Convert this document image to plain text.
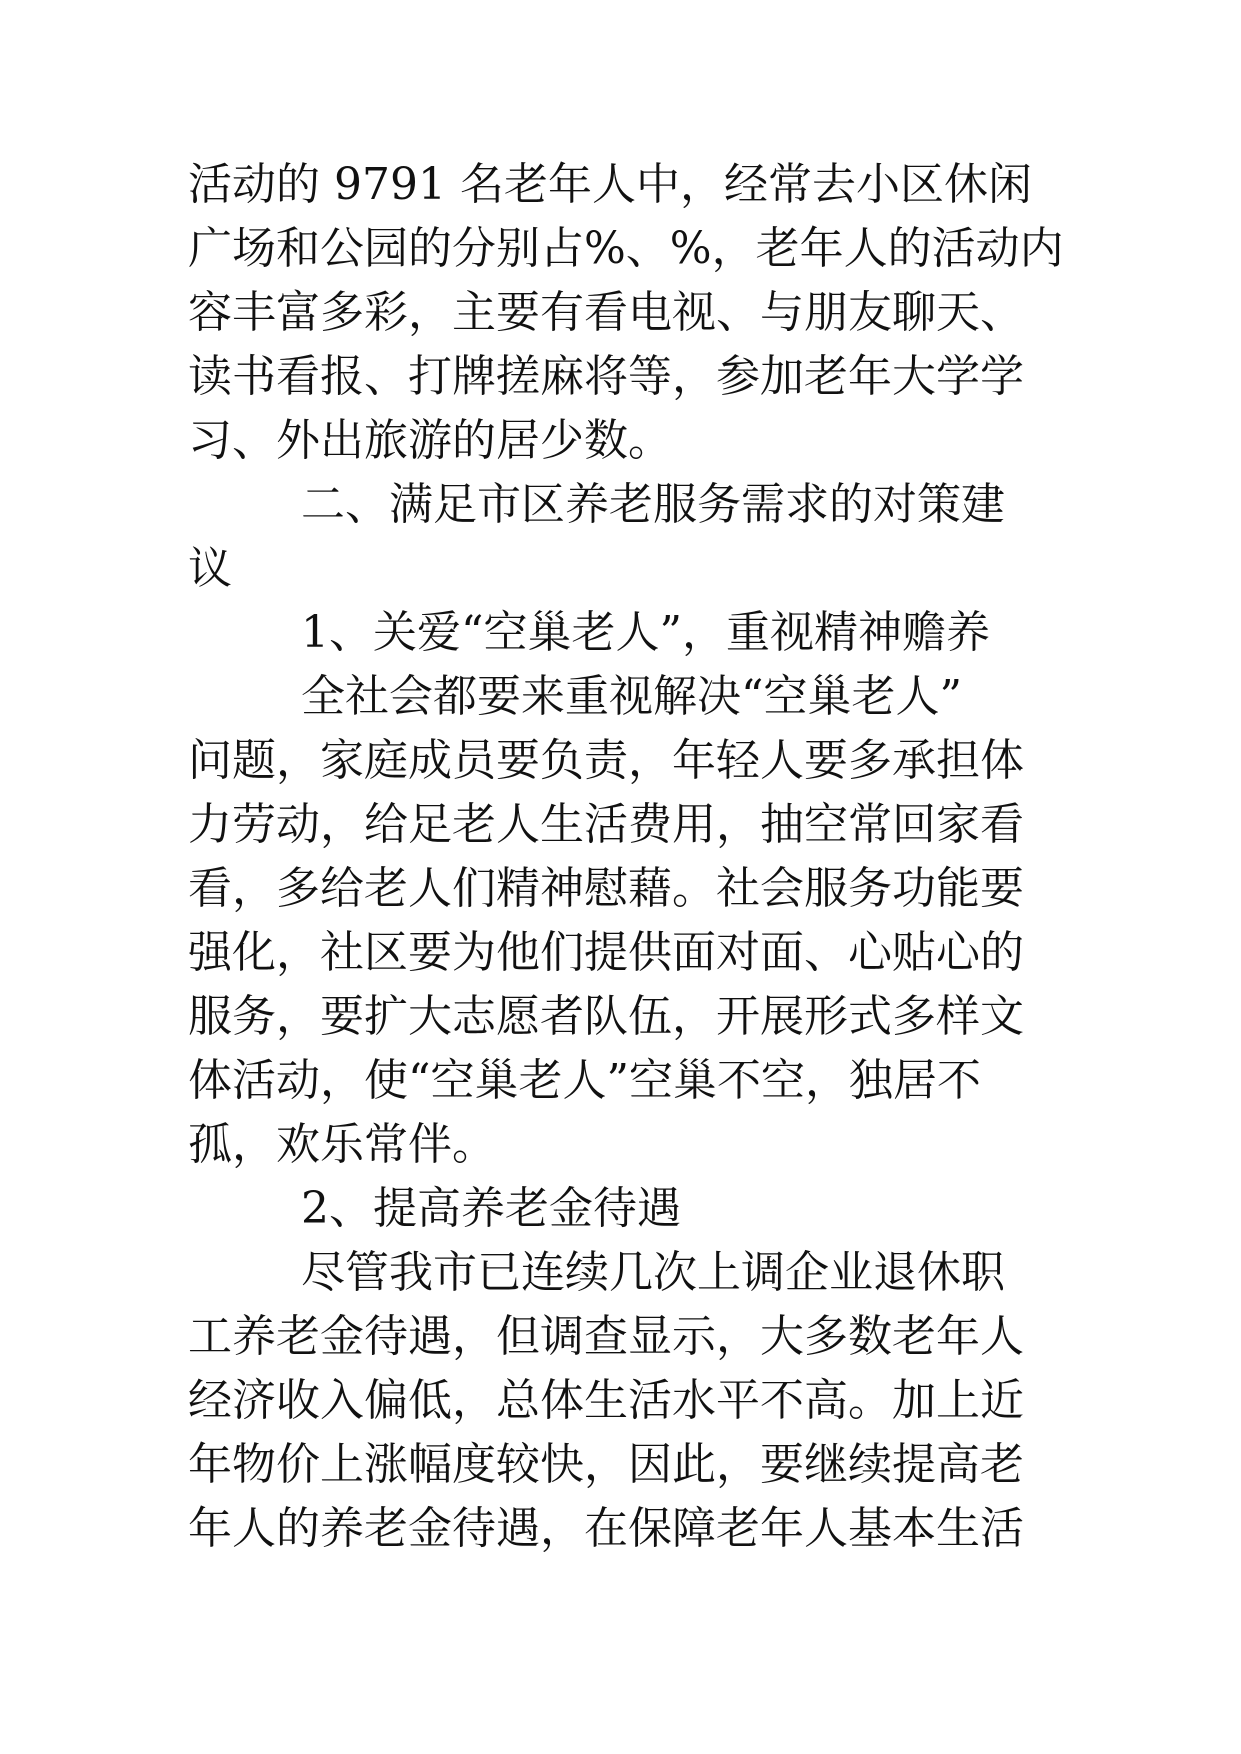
活动的 9791 名老年人中，经常去小区休闲

广场和公园的分别占%、%，老年人的活动内

容丰富多彩，主要有看电视、与朋友聊天、

读书看报、打牌搓麻将等，参加老年大学学

习、外出旅游的居少数。

二、满足市区养老服务需求的对策建

议

1、关爱“空巢老人”，重视精神赡养

全社会都要来重视解决“空巢老人”

问题，家庭成员要负责，年轻人要多承担体

力劳动，给足老人生活费用，抽空常回家看

看，多给老人们精神慰藉。社会服务功能要

强化，社区要为他们提供面对面、心贴心的

服务，要扩大志愿者队伍，开展形式多样文

体活动，使“空巢老人”空巢不空，独居不

孤，欢乐常伴。

2、提高养老金待遇

尽管我市已连续几次上调企业退休职

工养老金待遇，但调查显示，大多数老年人

经济收入偏低，总体生活水平不高。加上近

年物价上涨幅度较快，因此，要继续提高老

年人的养老金待遇，在保障老年人基本生活
